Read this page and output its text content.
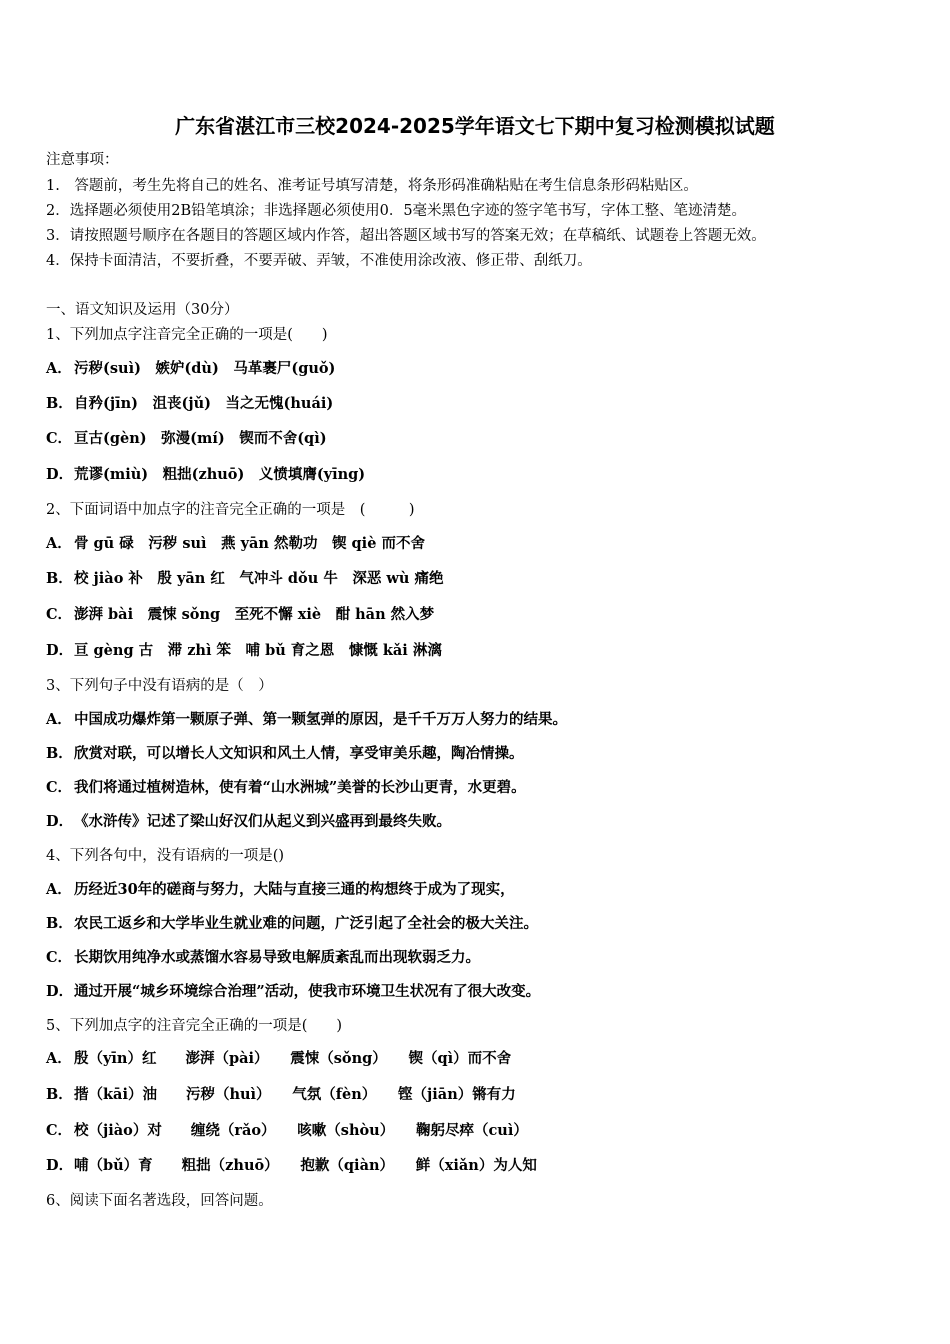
广东省湛江市三校2024-2025学年语文七下期中复习检测模拟试题
注意事项：
1.　答题前，考生先将自己的姓名、准考证号填写清楚，将条形码准确粘贴在考生信息条形码粘贴区。
2．选择题必须使用2B铅笔填涂；非选择题必须使用0．5毫米黑色字迹的签字笔书写，字体工整、笔迹清楚。
3．请按照题号顺序在各题目的答题区域内作答，超出答题区域书写的答案无效；在草稿纸、试题卷上答题无效。
4．保持卡面清洁，不要折叠，不要弄破、弄皱，不准使用涂改液、修正带、刮纸刀。
一、语文知识及运用（30分）
1、下列加点字注音完全正确的一项是(　　)
A． 污秽(suì)　嫉妒(dù)　马革裹尸(guǒ)
B．自矜(jīn)　沮丧(jǔ)　当之无愧(huái)
C． 亘古(gèn)　弥漫(mí)　锲而不舍(qì)
D．荒谬(miù)　粗拙(zhuō)　义愤填膺(yīng)
2、下面词语中加点字的注音完全正确的一项是　(　　　)
A． 骨 gū 碌　污秽 suì　燕 yān 然勒功　锲 qiè 而不舍
B．校 jiào 补　殷 yān 红　气冲斗 dǒu 牛　深恶 wù 痛绝
C． 澎湃 bài　震悚 sǒng　至死不懈 xiè　酣 hān 然入梦
D．亘 gèng 古　滞 zhì 笨　哺 bǔ 育之恩　慷慨 kǎi 淋漓
3、下列句子中没有语病的是（　）
A． 中国成功爆炸第一颗原子弹、第一颗氢弹的原因，是千千万万人努力的结果。
B．欣赏对联，可以增长人文知识和风土人情，享受审美乐趣，陶冶情操。
C． 我们将通过植树造林，使有着“山水洲城”美誉的长沙山更青，水更碧。
D．《水浒传》记述了梁山好汉们从起义到兴盛再到最终失败。
4、下列各句中，没有语病的一项是()
A． 历经近30年的磋商与努力，大陆与直接三通的构想终于成为了现实，
B．农民工返乡和大学毕业生就业难的问题，广泛引起了全社会的极大关注。
C． 长期饮用纯净水或蒸馏水容易导致电解质紊乱而出现软弱乏力。
D．通过开展“城乡环境综合治理”活动，使我市环境卫生状况有了很大改变。
5、下列加点字的注音完全正确的一项是(　　)
A． 殷（yīn）红　　澎湃（pài）　　震悚（sǒng）　　锲（qì）而不舍
B．揩（kāi）油　　污秽（huì）　　气氛（fèn）　　铿（jiān）锵有力
C． 校（jiào）对　　缠绕（rǎo）　　咳嗽（shòu）　　鞠躬尽瘁（cuì）
D．哺（bǔ）育　　粗拙（zhuō）　　抱歉（qiàn）　　鲜（xiǎn）为人知
6、阅读下面名著选段，回答问题。
